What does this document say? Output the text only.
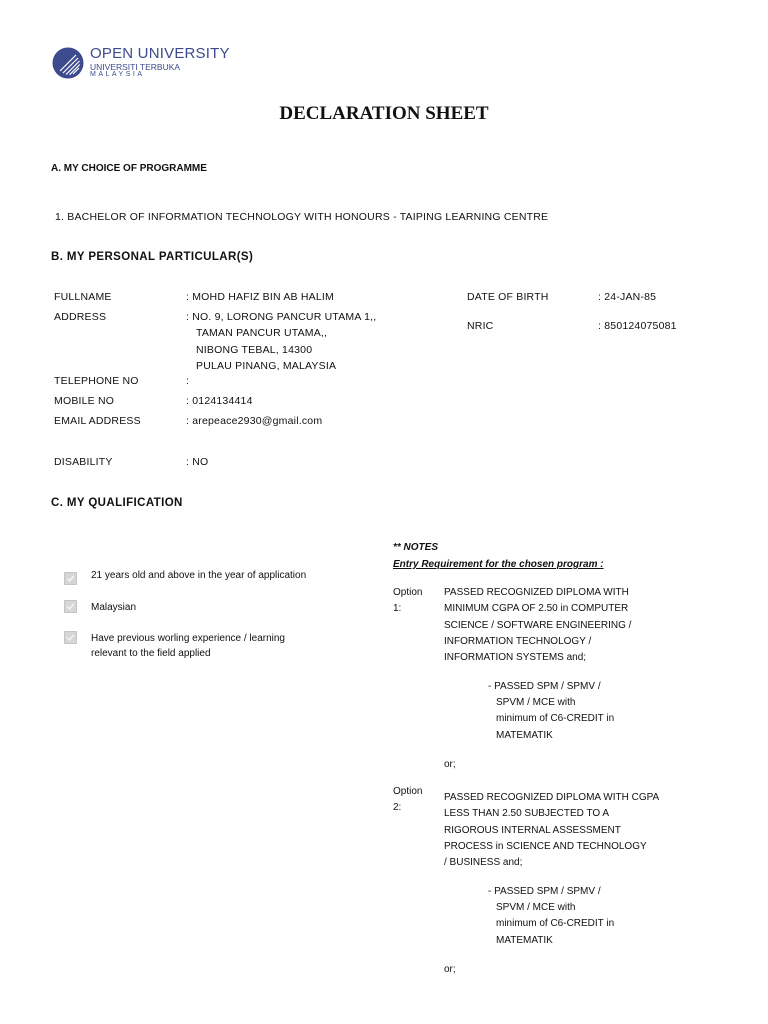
OPEN UNIVERSITY
UNIVERSITI TERBUKA
MALAYSIA
DECLARATION SHEET
A. MY CHOICE OF PROGRAMME
1. BACHELOR OF INFORMATION TECHNOLOGY WITH HONOURS - TAIPING LEARNING CENTRE
B. MY PERSONAL PARTICULAR(S)
FULLNAME	: MOHD HAFIZ BIN AB HALIM
ADDRESS	: NO. 9, LORONG PANCUR UTAMA 1,,
TAMAN PANCUR UTAMA,,
NIBONG TEBAL, 14300
PULAU PINANG, MALAYSIA
TELEPHONE NO	:
MOBILE NO	: 0124134414
EMAIL ADDRESS	: arepeace2930@gmail.com
DISABILITY	: NO
DATE OF BIRTH	: 24-JAN-85
NRIC	: 850124075081
C. MY QUALIFICATION
21 years old and above in the year of application
Malaysian
Have previous worling experience / learning
relevant to the field applied
** NOTES
Entry Requirement for the chosen program :
Option
1:
PASSED RECOGNIZED DIPLOMA WITH
MINIMUM CGPA OF 2.50 in COMPUTER
SCIENCE / SOFTWARE ENGINEERING /
INFORMATION TECHNOLOGY /
INFORMATION SYSTEMS and;
- PASSED SPM / SPMV /
SPVM / MCE with
minimum of C6-CREDIT in
MATEMATIK
or;
Option
2:
PASSED RECOGNIZED DIPLOMA WITH CGPA
LESS THAN 2.50 SUBJECTED TO A
RIGOROUS INTERNAL ASSESSMENT
PROCESS in SCIENCE AND TECHNOLOGY
/ BUSINESS and;
- PASSED SPM / SPMV /
SPVM / MCE with
minimum of C6-CREDIT in
MATEMATIK
or;
